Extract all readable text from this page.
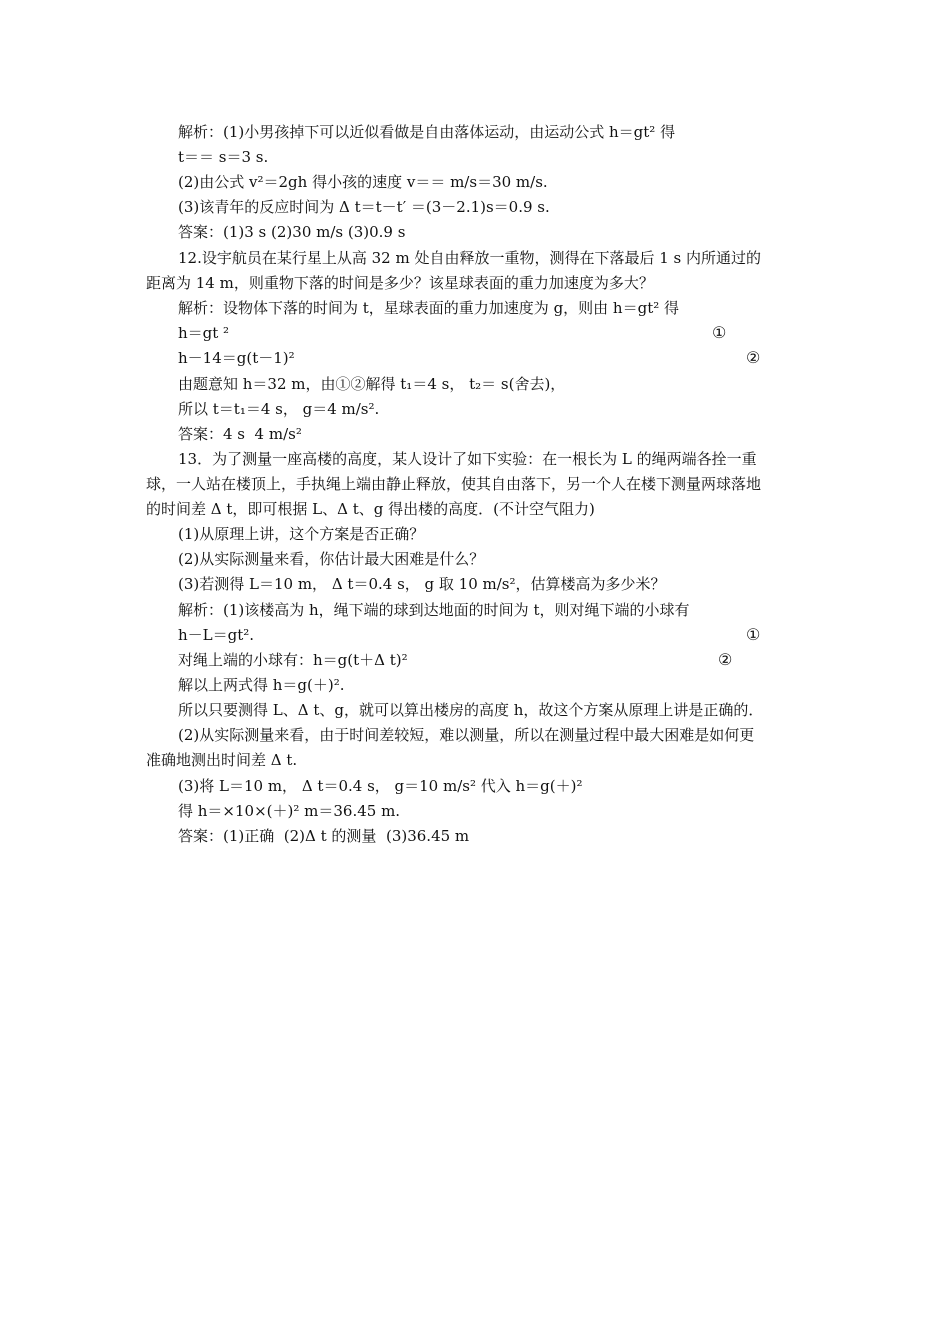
解析：(1)小男孩掉下可以近似看做是自由落体运动，由运动公式 h＝gt² 得
t＝＝ s＝3 s.
(2)由公式 v²＝2gh 得小孩的速度 v＝＝ m/s＝30 m/s.
(3)该青年的反应时间为 Δ t＝t－t′ ＝(3－2.1)s＝0.9 s.
答案：(1)3 s (2)30 m/s (3)0.9 s
12.设宇航员在某行星上从高 32 m 处自由释放一重物，测得在下落最后 1 s 内所通过的
距离为 14 m，则重物下落的时间是多少？该星球表面的重力加速度为多大？
解析：设物体下落的时间为 t，星球表面的重力加速度为 g，则由 h＝gt² 得
h＝gt ²	①
h－14＝g(t－1)²	②
由题意知 h＝32 m，由①②解得 t₁＝4 s， t₂＝ s(舍去)，
所以 t＝t₁＝4 s， g＝4 m/s².
答案：4 s  4 m/s²
13．为了测量一座高楼的高度，某人设计了如下实验：在一根长为 L 的绳两端各拴一重
球，一人站在楼顶上，手执绳上端由静止释放，使其自由落下，另一个人在楼下测量两球落地
的时间差 Δ t，即可根据 L、Δ t、g 得出楼的高度．(不计空气阻力)
(1)从原理上讲，这个方案是否正确？
(2)从实际测量来看，你估计最大困难是什么？
(3)若测得 L＝10 m， Δ t＝0.4 s， g 取 10 m/s²，估算楼高为多少米？
解析：(1)该楼高为 h，绳下端的球到达地面的时间为 t，则对绳下端的小球有
h－L＝gt².	①
对绳上端的小球有：h＝g(t＋Δ t)²	②
解以上两式得 h＝g(＋)².
所以只要测得 L、Δ t、g，就可以算出楼房的高度 h，故这个方案从原理上讲是正确的．
(2)从实际测量来看，由于时间差较短，难以测量，所以在测量过程中最大困难是如何更
准确地测出时间差 Δ t.
(3)将 L＝10 m， Δ t＝0.4 s， g＝10 m/s² 代入 h＝g(＋)²
得 h＝×10×(＋)² m＝36.45 m.
答案：(1)正确  (2)Δ t 的测量  (3)36.45 m
